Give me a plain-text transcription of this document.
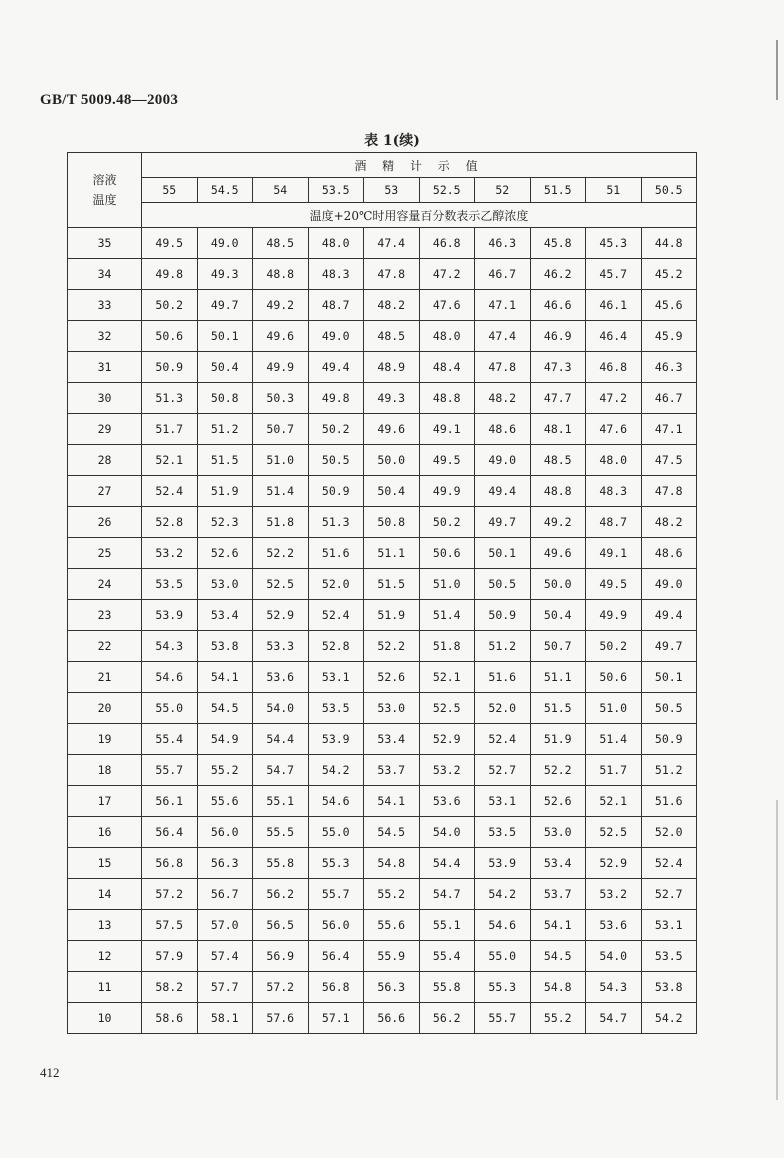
GB/T 5009.48—2003
表 1(续)
溶液
温度	酒 精 计 示 值									
	55	54.5	54	53.5	53	52.5	52	51.5	51	50.5
	温度+20℃时用容量百分数表示乙醇浓度									
35	49.5	49.0	48.5	48.0	47.4	46.8	46.3	45.8	45.3	44.8
34	49.8	49.3	48.8	48.3	47.8	47.2	46.7	46.2	45.7	45.2
33	50.2	49.7	49.2	48.7	48.2	47.6	47.1	46.6	46.1	45.6
32	50.6	50.1	49.6	49.0	48.5	48.0	47.4	46.9	46.4	45.9
31	50.9	50.4	49.9	49.4	48.9	48.4	47.8	47.3	46.8	46.3
30	51.3	50.8	50.3	49.8	49.3	48.8	48.2	47.7	47.2	46.7
29	51.7	51.2	50.7	50.2	49.6	49.1	48.6	48.1	47.6	47.1
28	52.1	51.5	51.0	50.5	50.0	49.5	49.0	48.5	48.0	47.5
27	52.4	51.9	51.4	50.9	50.4	49.9	49.4	48.8	48.3	47.8
26	52.8	52.3	51.8	51.3	50.8	50.2	49.7	49.2	48.7	48.2
25	53.2	52.6	52.2	51.6	51.1	50.6	50.1	49.6	49.1	48.6
24	53.5	53.0	52.5	52.0	51.5	51.0	50.5	50.0	49.5	49.0
23	53.9	53.4	52.9	52.4	51.9	51.4	50.9	50.4	49.9	49.4
22	54.3	53.8	53.3	52.8	52.2	51.8	51.2	50.7	50.2	49.7
21	54.6	54.1	53.6	53.1	52.6	52.1	51.6	51.1	50.6	50.1
20	55.0	54.5	54.0	53.5	53.0	52.5	52.0	51.5	51.0	50.5
19	55.4	54.9	54.4	53.9	53.4	52.9	52.4	51.9	51.4	50.9
18	55.7	55.2	54.7	54.2	53.7	53.2	52.7	52.2	51.7	51.2
17	56.1	55.6	55.1	54.6	54.1	53.6	53.1	52.6	52.1	51.6
16	56.4	56.0	55.5	55.0	54.5	54.0	53.5	53.0	52.5	52.0
15	56.8	56.3	55.8	55.3	54.8	54.4	53.9	53.4	52.9	52.4
14	57.2	56.7	56.2	55.7	55.2	54.7	54.2	53.7	53.2	52.7
13	57.5	57.0	56.5	56.0	55.6	55.1	54.6	54.1	53.6	53.1
12	57.9	57.4	56.9	56.4	55.9	55.4	55.0	54.5	54.0	53.5
11	58.2	57.7	57.2	56.8	56.3	55.8	55.3	54.8	54.3	53.8
10	58.6	58.1	57.6	57.1	56.6	56.2	55.7	55.2	54.7	54.2
412
